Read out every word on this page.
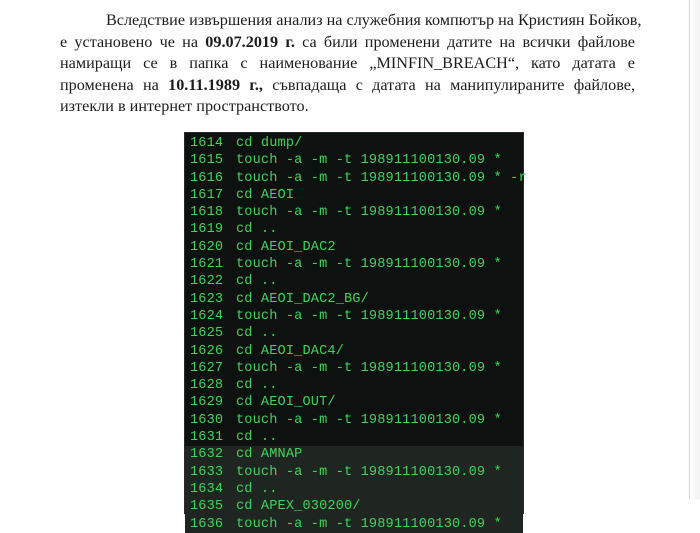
Вследствие извършения анализ на служебния компютър на Кристиян Бойков,
е установено че на 09.07.2019 г. са били променени датите на всички файлове
намиращи се в папка с наименование „MINFIN_BREACH“, като датата е
променена на 10.11.1989 г., съвпадаща с датата на манипулираните файлове,
изтекли в интернет пространството.
1614 cd dump/
1615 touch -a -m -t 198911100130.09 *
1616 touch -a -m -t 198911100130.09 * -r
1617 cd AEOI
1618 touch -a -m -t 198911100130.09 *
1619 cd ..
1620 cd AEOI_DAC2
1621 touch -a -m -t 198911100130.09 *
1622 cd ..
1623 cd AEOI_DAC2_BG/
1624 touch -a -m -t 198911100130.09 *
1625 cd ..
1626 cd AEOI_DAC4/
1627 touch -a -m -t 198911100130.09 *
1628 cd ..
1629 cd AEOI_OUT/
1630 touch -a -m -t 198911100130.09 *
1631 cd ..
1632 cd AMNAP
1633 touch -a -m -t 198911100130.09 *
1634 cd ..
1635 cd APEX_030200/
1636 touch -a -m -t 198911100130.09 *
